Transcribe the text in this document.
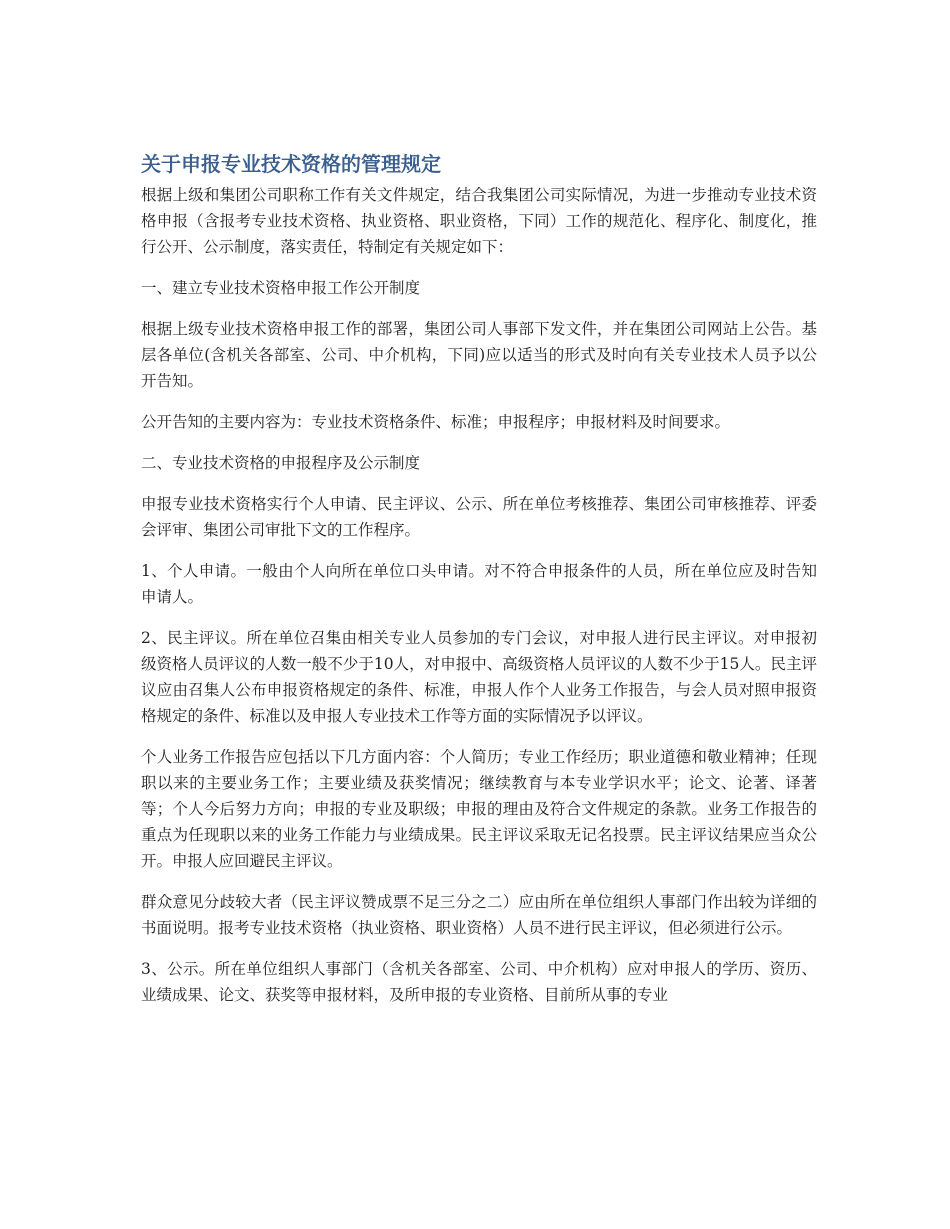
关于申报专业技术资格的管理规定

根据上级和集团公司职称工作有关文件规定，结合我集团公司实际情况，为进一步推动专业技术资格申报（含报考专业技术资格、执业资格、职业资格，下同）工作的规范化、程序化、制度化，推行公开、公示制度，落实责任，特制定有关规定如下：

一、建立专业技术资格申报工作公开制度

根据上级专业技术资格申报工作的部署，集团公司人事部下发文件，并在集团公司网站上公告。基层各单位(含机关各部室、公司、中介机构，下同)应以适当的形式及时向有关专业技术人员予以公开告知。

公开告知的主要内容为：专业技术资格条件、标准；申报程序；申报材料及时间要求。

二、专业技术资格的申报程序及公示制度

申报专业技术资格实行个人申请、民主评议、公示、所在单位考核推荐、集团公司审核推荐、评委会评审、集团公司审批下文的工作程序。

1、个人申请。一般由个人向所在单位口头申请。对不符合申报条件的人员，所在单位应及时告知申请人。

2、民主评议。所在单位召集由相关专业人员参加的专门会议，对申报人进行民主评议。对申报初级资格人员评议的人数一般不少于10人，对申报中、高级资格人员评议的人数不少于15人。民主评议应由召集人公布申报资格规定的条件、标准，申报人作个人业务工作报告，与会人员对照申报资格规定的条件、标准以及申报人专业技术工作等方面的实际情况予以评议。

个人业务工作报告应包括以下几方面内容：个人简历；专业工作经历；职业道德和敬业精神；任现职以来的主要业务工作；主要业绩及获奖情况；继续教育与本专业学识水平；论文、论著、译著等；个人今后努力方向；申报的专业及职级；申报的理由及符合文件规定的条款。业务工作报告的重点为任现职以来的业务工作能力与业绩成果。民主评议采取无记名投票。民主评议结果应当众公开。申报人应回避民主评议。

群众意见分歧较大者（民主评议赞成票不足三分之二）应由所在单位组织人事部门作出较为详细的书面说明。报考专业技术资格（执业资格、职业资格）人员不进行民主评议，但必须进行公示。

3、公示。所在单位组织人事部门（含机关各部室、公司、中介机构）应对申报人的学历、资历、业绩成果、论文、获奖等申报材料，及所申报的专业资格、目前所从事的专业
